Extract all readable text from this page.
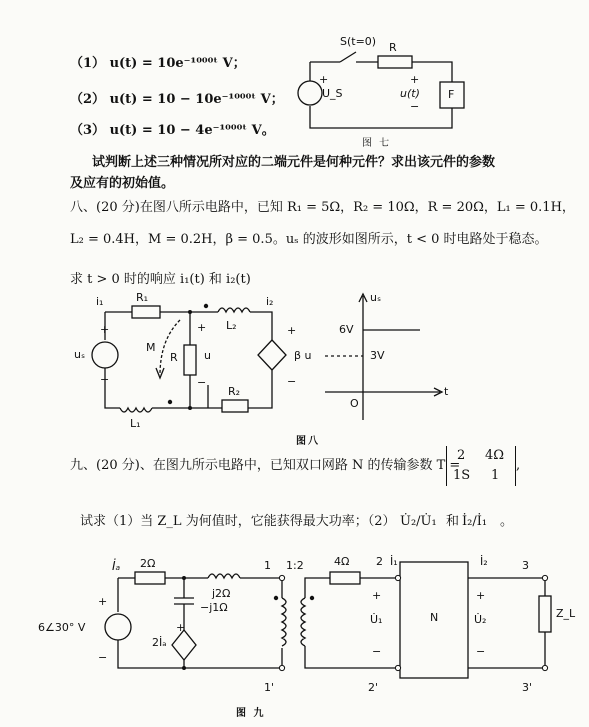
（1） u(t) = 10e⁻¹⁰⁰⁰ᵗ V；
（2） u(t) = 10 − 10e⁻¹⁰⁰⁰ᵗ V；
（3） u(t) = 10 − 4e⁻¹⁰⁰⁰ᵗ V。
S(t=0) R
+
U_S
+
u(t)
−
F
图 七
试判断上述三种情况所对应的二端元件是何种元件？求出该元件的参数
及应有的初始值。
八、(20 分)在图八所示电路中，已知 R₁ = 5Ω，R₂ = 10Ω，R = 20Ω，L₁ = 0.1H，
L₂ = 0.4H，M = 0.2H，β = 0.5。uₛ 的波形如图所示，t < 0 时电路处于稳态。
求 t > 0 时的响应 i₁(t) 和 i₂(t)
i₁	R₁
L₂
i₂
+
uₛ
−
M
R
+
u
−
+
β u
−
R₂
L₁
图八
uₛ
t
O
6V
3V
九、(20 分)、在图九所示电路中，已知双口网路 N 的传输参数 T =
2 4Ω
1S 1
,
试求（1）当 Z_L 为何值时，它能获得最大功率；（2） U̇₂/U̇₁ 和 İ₂/İ₁ 。
İₐ 2Ω
j2Ω
−j1Ω
2İₐ
+
1 1:2	4Ω 2 İ₁	İ₂	3
+
6∠30° V
−
+
U̇₁
−
N
+
U̇₂
−
Z_L
1'	2'	3'
图 九
